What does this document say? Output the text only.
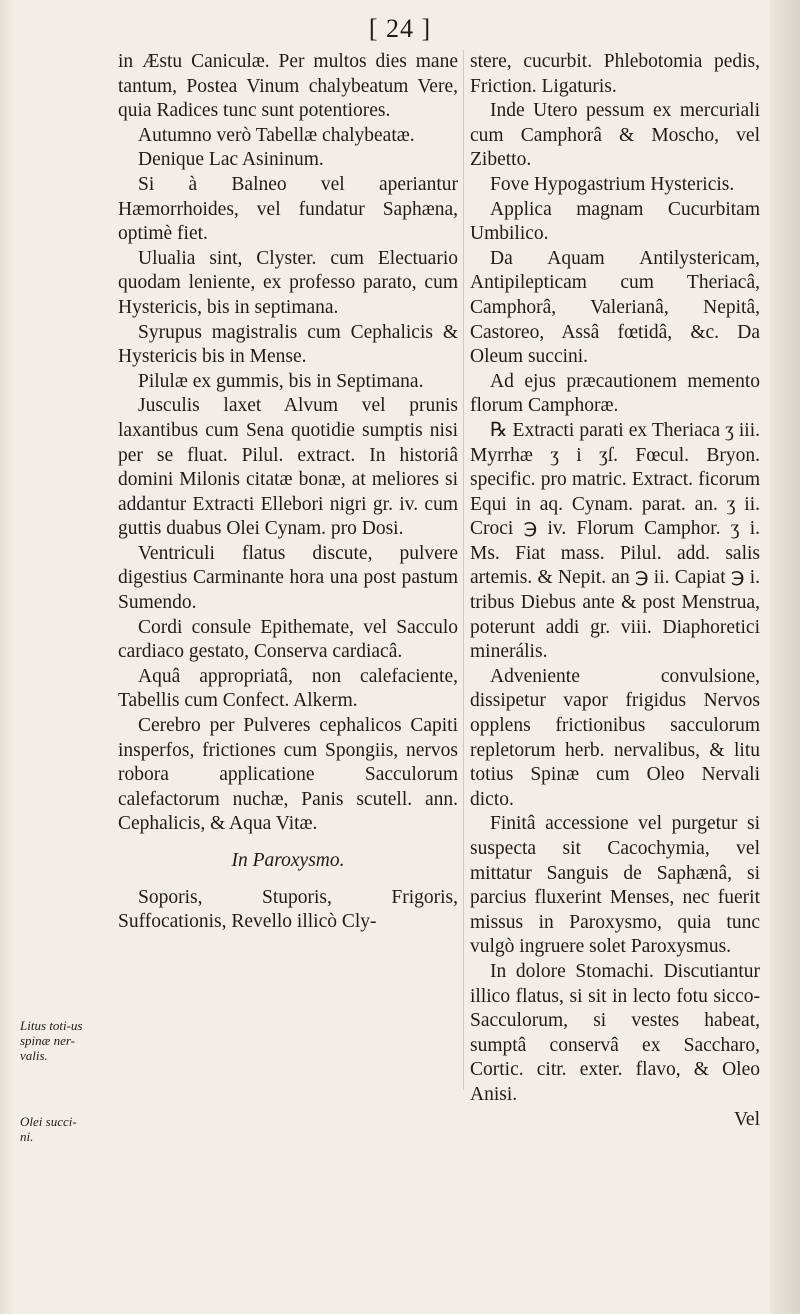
[ 24 ]
Litus toti-us spinæ ner-valis.
Olei succi-ni.

in Æstu Caniculæ. Per multos dies mane tantum, Postea Vinum chalybeatum Vere, quia Radices tunc sunt potentiores.

Autumno verò Tabellæ chalybeatæ.

Denique Lac Asininum.

Si à Balneo vel aperiantur Hæmorrhoides, vel fundatur Saphæna, optimè fiet.

Ulualia sint, Clyster. cum Electuario quodam leniente, ex professo parato, cum Hystericis, bis in septimana.

Syrupus magistralis cum Cephalicis & Hystericis bis in Mense.

Pilulæ ex gummis, bis in Septimana.

Jusculis laxet Alvum vel prunis laxantibus cum Sena quotidie sumptis nisi per se fluat. Pilul. extract. In historiâ domini Milonis citatæ bonæ, at meliores si addantur Extracti Ellebori nigri gr. iv. cum guttis duabus Olei Cynam. pro Dosi.

Ventriculi flatus discute, pulvere digestius Carminante hora una post pastum Sumendo.

Cordi consule Epithemate, vel Sacculo cardiaco gestato, Conserva cardiacâ.

Aquâ appropriatâ, non calefaciente, Tabellis cum Confect. Alkerm.

Cerebro per Pulveres cephalicos Capiti insperfos, frictiones cum Spongiis, nervos robora applicatione Sacculorum calefactorum nuchæ, Panis scutell. ann. Cephalicis, & Aqua Vitæ.

In Paroxysmo.

Soporis, Stuporis, Frigoris, Suffocationis, Revello illicò Cly-

stere, cucurbit. Phlebotomia pedis, Friction. Ligaturis.

Inde Utero pessum ex mercuriali cum Camphorâ & Moscho, vel Zibetto.

Fove Hypogastrium Hystericis.

Applica magnam Cucurbitam Umbilico.

Da Aquam Antilystericam, Antipilepticam cum Theriacâ, Camphorâ, Valerianâ, Nepitâ, Castoreo, Assâ fœtidâ, &c. Da Oleum succini.

Ad ejus præcautionem memento florum Camphoræ.

℞ Extracti parati ex Theriaca ʒ iii. Myrrhæ ʒ i ʒſ. Fœcul. Bryon. specific. pro matric. Extract. ficorum Equi in aq. Cynam. parat. an. ʒ ii. Croci ℈ iv. Florum Camphor. ʒ i. Ms. Fiat mass. Pilul. add. salis artemis. & Nepit. an ℈ ii. Capiat ℈ i. tribus Diebus ante & post Menstrua, poterunt addi gr. viii. Diaphoretici minerális.

Adveniente convulsione, dissipetur vapor frigidus Nervos opplens frictionibus sacculorum repletorum herb. nervalibus, & litu totius Spinæ cum Oleo Nervali dicto.

Finitâ accessione vel purgetur si suspecta sit Cacochymia, vel mittatur Sanguis de Saphænâ, si parcius fluxerint Menses, nec fuerit missus in Paroxysmo, quia tunc vulgò ingruere solet Paroxysmus.

In dolore Stomachi. Discutiantur illico flatus, si sit in lecto fotu sicco-Sacculorum, si vestes habeat, sumptâ conservâ ex Saccharo, Cortic. citr. exter. flavo, & Oleo Anisi.

Vel
